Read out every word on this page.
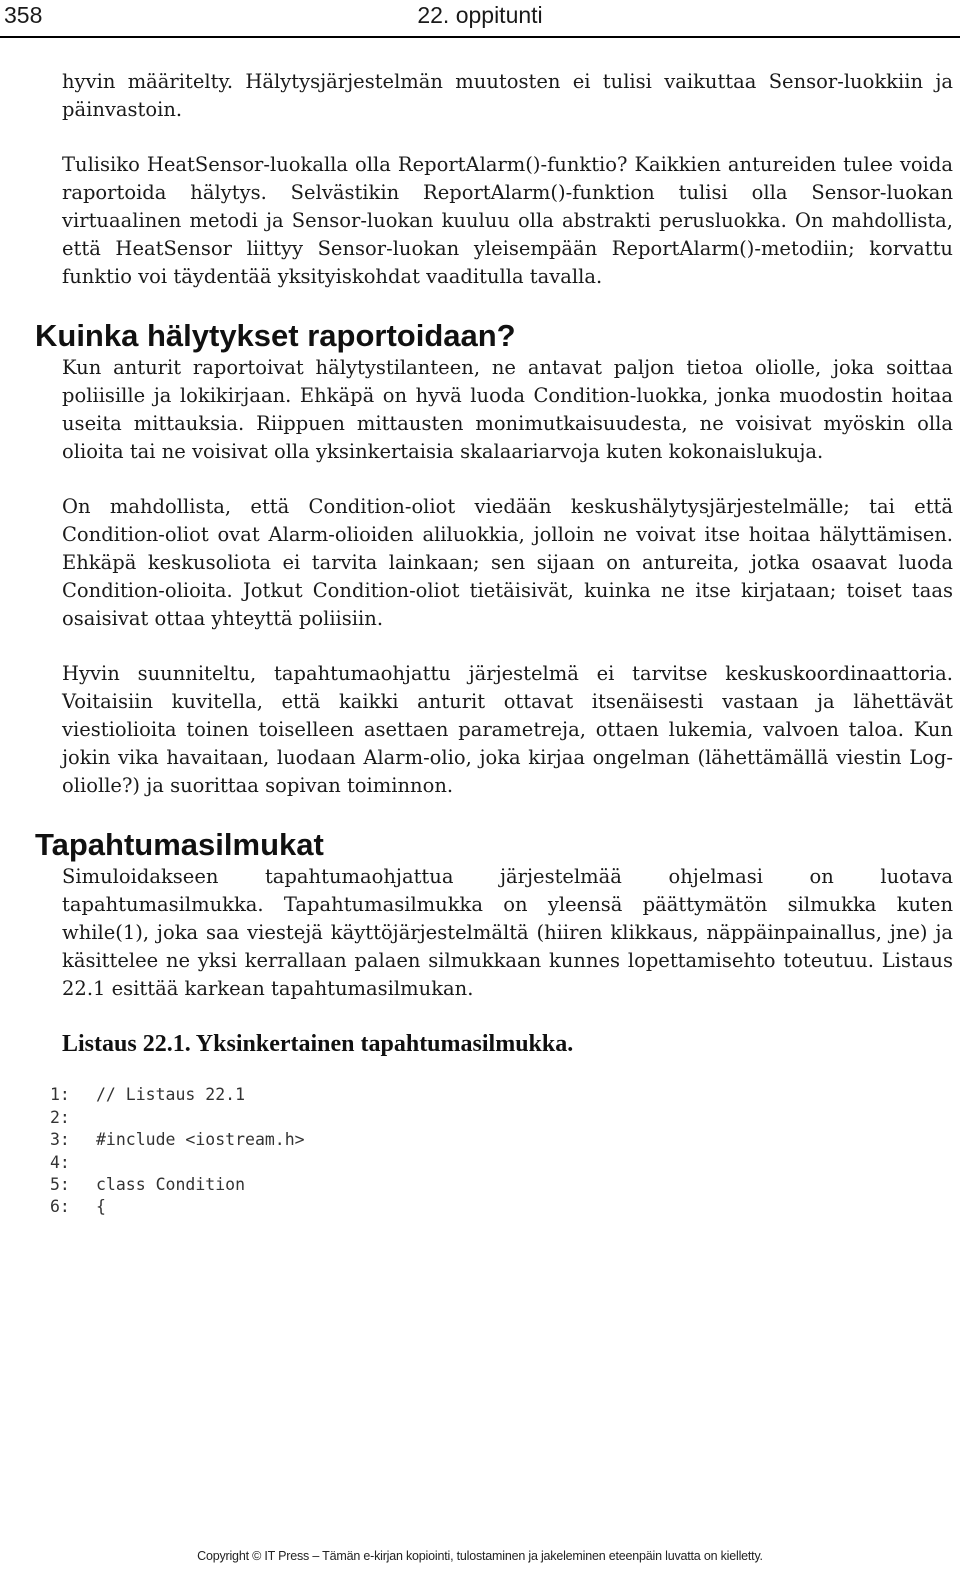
358	22. oppitunti

hyvin määritelty. Hälytysjärjestelmän muutosten ei tulisi vaikuttaa Sensor-luokkiin ja päinvastoin.

Tulisiko HeatSensor-luokalla olla ReportAlarm()-funktio? Kaikkien antureiden tulee voida raportoida hälytys. Selvästikin ReportAlarm()-funktion tulisi olla Sensor-luokan virtuaalinen metodi ja Sensor-luokan kuuluu olla abstrakti perusluokka. On mahdollista, että HeatSensor liittyy Sensor-luokan yleisempään ReportAlarm()-metodiin; korvattu funktio voi täydentää yksityiskohdat vaaditulla tavalla.

Kuinka hälytykset raportoidaan?

Kun anturit raportoivat hälytystilanteen, ne antavat paljon tietoa oliolle, joka soittaa poliisille ja lokikirjaan. Ehkäpä on hyvä luoda Condition-luokka, jonka muodostin hoitaa useita mittauksia. Riippuen mittausten monimutkaisuudesta, ne voisivat myöskin olla olioita tai ne voisivat olla yksinkertaisia skalaariarvoja kuten kokonaislukuja.

On mahdollista, että Condition-oliot viedään keskushälytysjärjestelmälle; tai että Condition-oliot ovat Alarm-olioiden aliluokkia, jolloin ne voivat itse hoitaa hälyttämisen. Ehkäpä keskusoliota ei tarvita lainkaan; sen sijaan on antureita, jotka osaavat luoda Condition-olioita. Jotkut Condition-oliot tietäisivät, kuinka ne itse kirjataan; toiset taas osaisivat ottaa yhteyttä poliisiin.

Hyvin suunniteltu, tapahtumaohjattu järjestelmä ei tarvitse keskuskoordinaattoria. Voitaisiin kuvitella, että kaikki anturit ottavat itsenäisesti vastaan ja lähettävät viestiolioita toinen toiselleen asettaen parametreja, ottaen lukemia, valvoen taloa. Kun jokin vika havaitaan, luodaan Alarm-olio, joka kirjaa ongelman (lähettämällä viestin Log-oliolle?) ja suorittaa sopivan toiminnon.

Tapahtumasilmukat

Simuloidakseen tapahtumaohjattua järjestelmää ohjelmasi on luotava tapahtumasilmukka. Tapahtumasilmukka on yleensä päättymätön silmukka kuten while(1), joka saa viestejä käyttöjärjestelmältä (hiiren klikkaus, näppäinpainallus, jne) ja käsittelee ne yksi kerrallaan palaen silmukkaan kunnes lopettamisehto toteutuu. Listaus 22.1 esittää karkean tapahtumasilmukan.

Listaus 22.1. Yksinkertainen tapahtumasilmukka.

1: // Listaus 22.1
2:
3: #include <iostream.h>
4:
5: class Condition
6: {

Copyright © IT Press – Tämän e-kirjan kopiointi, tulostaminen ja jakeleminen eteenpäin luvatta on kielletty.
